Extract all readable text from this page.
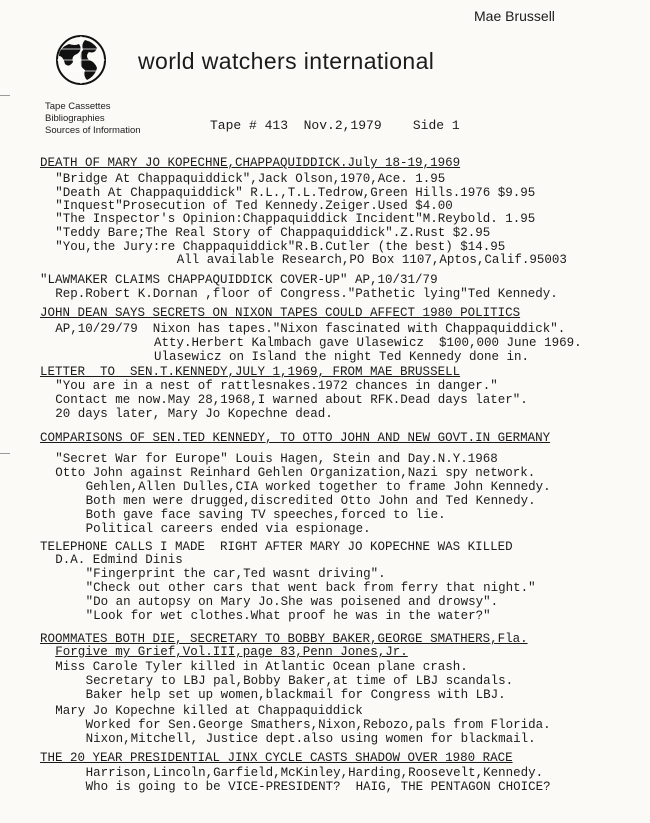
Mae Brussell
world watchers international
Tape Cassettes
Bibliographies
Sources of Information	Tape # 413 Nov.2,1979 Side 1
DEATH OF MARY JO KOPECHNE,CHAPPAQUIDDICK.July 18-19,1969
"Bridge At Chappaquiddick",Jack Olson,1970,Ace. 1.95
"Death At Chappaquiddick" R.L.,T.L.Tedrow,Green Hills.1976 $9.95
"Inquest"Prosecution of Ted Kennedy.Zeiger.Used $4.00
"The Inspector's Opinion:Chappaquiddick Incident"M.Reybold. 1.95
"Teddy Bare;The Real Story of Chappaquiddick".Z.Rust $2.95
"You,the Jury:re Chappaquiddick"R.B.Cutler (the best) $14.95
All available Research,PO Box 1107,Aptos,Calif.95003
"LAWMAKER CLAIMS CHAPPAQUIDDICK COVER-UP" AP,10/31/79
Rep.Robert K.Dornan ,floor of Congress."Pathetic lying"Ted Kennedy.
JOHN DEAN SAYS SECRETS ON NIXON TAPES COULD AFFECT 1980 POLITICS
AP,10/29/79  Nixon has tapes."Nixon fascinated with Chappaquiddick".
Atty.Herbert Kalmbach gave Ulasewicz  $100,000 June 1969.
Ulasewicz on Island the night Ted Kennedy done in.
LETTER  TO  SEN.T.KENNEDY,JULY 1,1969, FROM MAE BRUSSELL
"You are in a nest of rattlesnakes.1972 chances in danger."
Contact me now.May 28,1968,I warned about RFK.Dead days later".
20 days later, Mary Jo Kopechne dead.
COMPARISONS OF SEN.TED KENNEDY, TO OTTO JOHN AND NEW GOVT.IN GERMANY
"Secret War for Europe" Louis Hagen, Stein and Day.N.Y.1968
Otto John against Reinhard Gehlen Organization,Nazi spy network.
Gehlen,Allen Dulles,CIA worked together to frame John Kennedy.
Both men were drugged,discredited Otto John and Ted Kennedy.
Both gave face saving TV speeches,forced to lie.
Political careers ended via espionage.
TELEPHONE CALLS I MADE  RIGHT AFTER MARY JO KOPECHNE WAS KILLED
D.A. Edmind Dinis
"Fingerprint the car,Ted wasnt driving".
"Check out other cars that went back from ferry that night."
"Do an autopsy on Mary Jo.She was poisened and drowsy".
"Look for wet clothes.What proof he was in the water?"
ROOMMATES BOTH DIE, SECRETARY TO BOBBY BAKER,GEORGE SMATHERS,Fla.
Forgive my Grief,Vol.III,page 83,Penn Jones,Jr.
Miss Carole Tyler killed in Atlantic Ocean plane crash.
Secretary to LBJ pal,Bobby Baker,at time of LBJ scandals.
Baker help set up women,blackmail for Congress with LBJ.
Mary Jo Kopechne killed at Chappaquiddick
Worked for Sen.George Smathers,Nixon,Rebozo,pals from Florida.
Nixon,Mitchell, Justice dept.also using women for blackmail.
THE 20 YEAR PRESIDENTIAL JINX CYCLE CASTS SHADOW OVER 1980 RACE
Harrison,Lincoln,Garfield,McKinley,Harding,Roosevelt,Kennedy.
Who is going to be VICE-PRESIDENT?  HAIG, THE PENTAGON CHOICE?
